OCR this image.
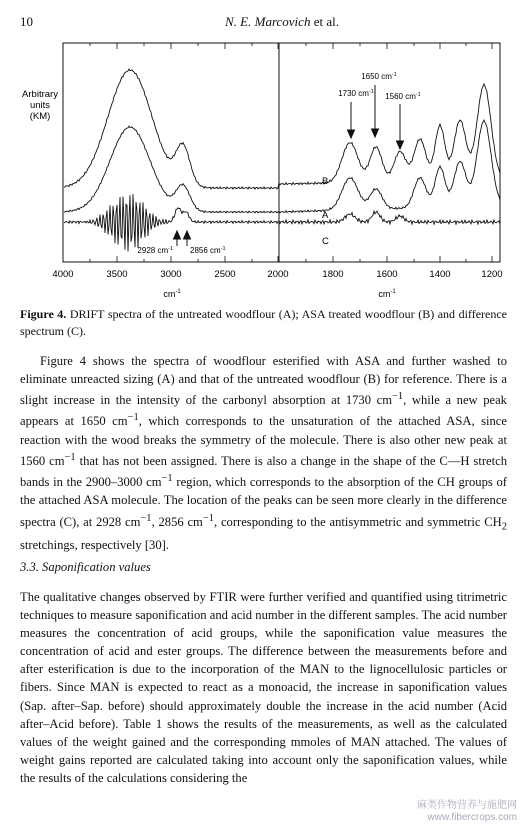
10	N. E. Marcovich et al.
Arbitrary
units
(KM)
4000	3500	3000	2500	2000	1800	1600	1400	1200
$cm^{-1}$	$cm^{-1}$
B
A
C
1650 $cm^{-1}$
1730 $cm^{-1}$ 1560 $cm^{-1}$
2928 $cm^{-1}$ 2856 $cm^{-1}$
Figure 4. DRIFT spectra of the untreated woodflour (A); ASA treated woodflour (B) and difference spectrum (C).

Figure 4 shows the spectra of woodflour esterified with ASA and further washed to eliminate unreacted sizing (A) and that of the untreated woodflour (B) for reference. There is a slight increase in the intensity of the carbonyl absorption at 1730 $cm^{-1}$, while a new peak appears at 1650 $cm^{-1}$, which corresponds to the unsaturation of the attached ASA, since reaction with the wood breaks the symmetry of the molecule. There is also other new peak at 1560 $cm^{-1}$ that has not been assigned. There is also a change in the shape of the C—H stretch bands in the 2900–3000 $cm^{-1}$ region, which corresponds to the absorption of the CH groups of the attached ASA molecule. The location of the peaks can be seen more clearly in the difference spectra (C), at 2928 $cm^{-1}$, 2856 $cm^{-1}$, corresponding to the antisymmetric and symmetric $CH_2$ stretchings, respectively [30].

3.3. Saponification values

The qualitative changes observed by FTIR were further verified and quantified using titrimetric techniques to measure saponification and acid number in the different samples. The acid number measures the concentration of acid groups, while the saponification value measures the concentration of acid and ester groups. The difference between the measurements before and after esterification is due to the incorporation of the MAN to the lignocellulosic particles or fibers. Since MAN is expected to react as a monoacid, the increase in saponification values (Sap. after–Sap. before) should approximately double the increase in the acid number (Acid after–Acid before). Table 1 shows the results of the measurements, as well as the calculated values of the weight gained and the corresponding mmoles of MAN attached. The values of weight gains reported are calculated taking into account only the saponification values, while the results of the calculations considering the

麻类作物营养与施肥网
www.fibercrops.com
